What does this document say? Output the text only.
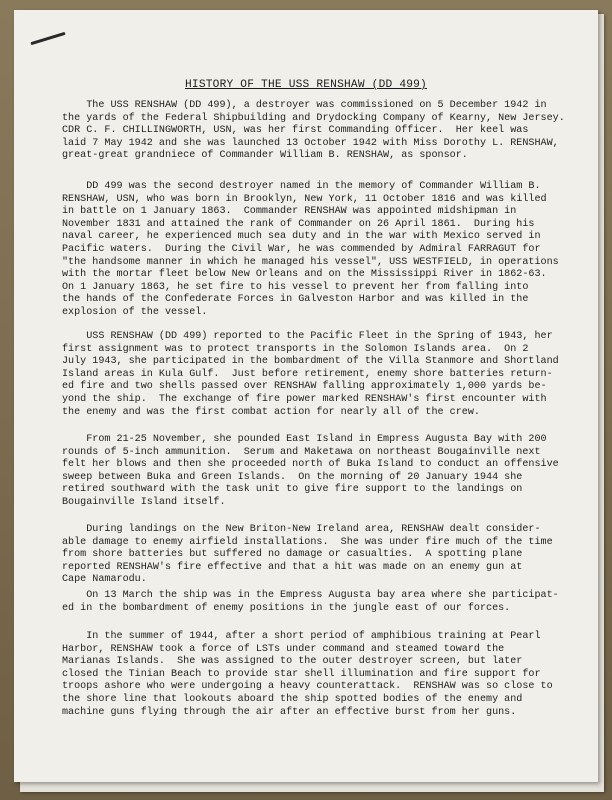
HISTORY OF THE USS RENSHAW (DD 499)
The USS RENSHAW (DD 499), a destroyer was commissioned on 5 December 1942 in
the yards of the Federal Shipbuilding and Drydocking Company of Kearny, New Jersey.
CDR C. F. CHILLINGWORTH, USN, was her first Commanding Officer.  Her keel was
laid 7 May 1942 and she was launched 13 October 1942 with Miss Dorothy L. RENSHAW,
great-great grandniece of Commander William B. RENSHAW, as sponsor.
DD 499 was the second destroyer named in the memory of Commander William B.
RENSHAW, USN, who was born in Brooklyn, New York, 11 October 1816 and was killed
in battle on 1 January 1863.  Commander RENSHAW was appointed midshipman in
November 1831 and attained the rank of Commander on 26 April 1861.  During his
naval career, he experienced much sea duty and in the war with Mexico served in
Pacific waters.  During the Civil War, he was commended by Admiral FARRAGUT for
"the handsome manner in which he managed his vessel", USS WESTFIELD, in operations
with the mortar fleet below New Orleans and on the Mississippi River in 1862-63.
On 1 January 1863, he set fire to his vessel to prevent her from falling into
the hands of the Confederate Forces in Galveston Harbor and was killed in the
explosion of the vessel.
USS RENSHAW (DD 499) reported to the Pacific Fleet in the Spring of 1943, her
first assignment was to protect transports in the Solomon Islands area.  On 2
July 1943, she participated in the bombardment of the Villa Stanmore and Shortland
Island areas in Kula Gulf.  Just before retirement, enemy shore batteries return-
ed fire and two shells passed over RENSHAW falling approximately 1,000 yards be-
yond the ship.  The exchange of fire power marked RENSHAW's first encounter with
the enemy and was the first combat action for nearly all of the crew.
From 21-25 November, she pounded East Island in Empress Augusta Bay with 200
rounds of 5-inch ammunition.  Serum and Maketawa on northeast Bougainville next
felt her blows and then she proceeded north of Buka Island to conduct an offensive
sweep between Buka and Green Islands.  On the morning of 20 January 1944 she
retired southward with the task unit to give fire support to the landings on
Bougainville Island itself.
During landings on the New Briton-New Ireland area, RENSHAW dealt consider-
able damage to enemy airfield installations.  She was under fire much of the time
from shore batteries but suffered no damage or casualties.  A spotting plane
reported RENSHAW's fire effective and that a hit was made on an enemy gun at
Cape Namarodu.
On 13 March the ship was in the Empress Augusta bay area where she participat-
ed in the bombardment of enemy positions in the jungle east of our forces.
In the summer of 1944, after a short period of amphibious training at Pearl
Harbor, RENSHAW took a force of LSTs under command and steamed toward the
Marianas Islands.  She was assigned to the outer destroyer screen, but later
closed the Tinian Beach to provide star shell illumination and fire support for
troops ashore who were undergoing a heavy counterattack.  RENSHAW was so close to
the shore line that lookouts aboard the ship spotted bodies of the enemy and
machine guns flying through the air after an effective burst from her guns.
